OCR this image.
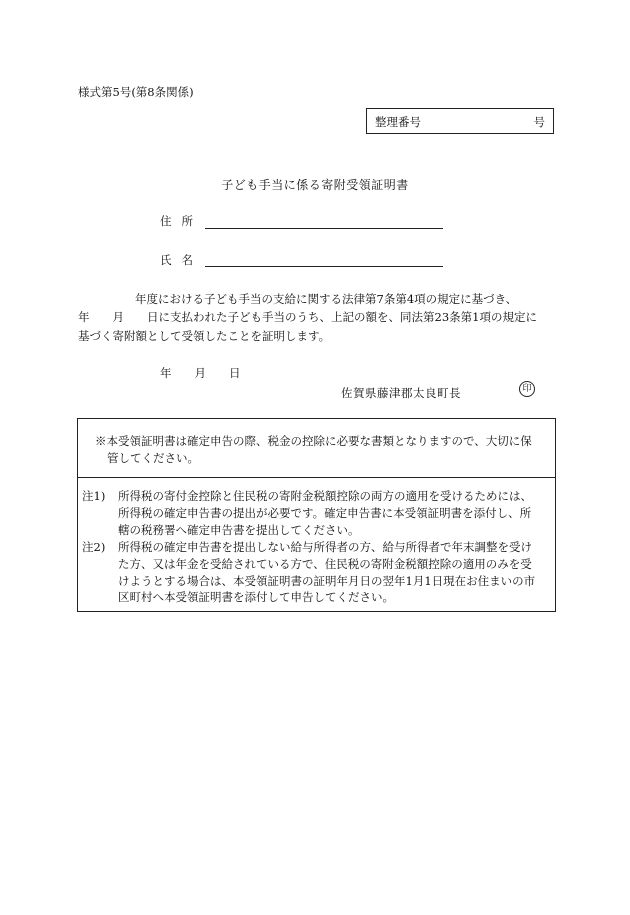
様式第5号(第8条関係)
整理番号	号
子ども手当に係る寄附受領証明書
住所
氏名
年度における子ども手当の支給に関する法律第7条第4項の規定に基づき、
年　　月　　日に支払われた子ども手当のうち、上記の額を、同法第23条第1項の規定に
基づく寄附額として受領したことを証明します。
年　　月　　日
佐賀県藤津郡太良町長	印
※本受領証明書は確定申告の際、税金の控除に必要な書類となりますので、大切に保
管してください。
注1) 所得税の寄付金控除と住民税の寄附金税額控除の両方の適用を受けるためには、
所得税の確定申告書の提出が必要です。確定申告書に本受領証明書を添付し、所
轄の税務署へ確定申告書を提出してください。
注2) 所得税の確定申告書を提出しない給与所得者の方、給与所得者で年末調整を受け
た方、又は年金を受給されている方で、住民税の寄附金税額控除の適用のみを受
けようとする場合は、本受領証明書の証明年月日の翌年1月1日現在お住まいの市
区町村へ本受領証明書を添付して申告してください。
